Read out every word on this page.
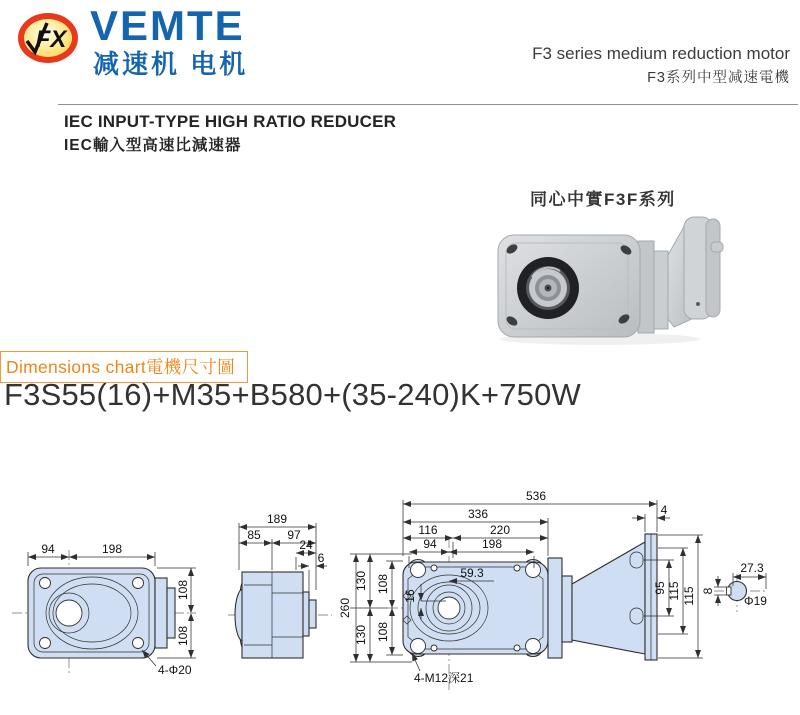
FX VEMTE
减速机 电机	F3 series medium reduction motor
F3系列中型减速電機
IEC INPUT-TYPE HIGH RATIO REDUCER
IEC輸入型高速比減速器
同心中實F3F系列
Dimensions chart電機尺寸圖
F3S55(16)+M35+B580+(35-240)K+750W
94	198
108
108
4-Φ20
189
85 97
24
6
536
336
116	220
94	198
59.3
16
260
130
130
108
108
95 115 115
4
4-M12深21
27.3
8
Φ19
